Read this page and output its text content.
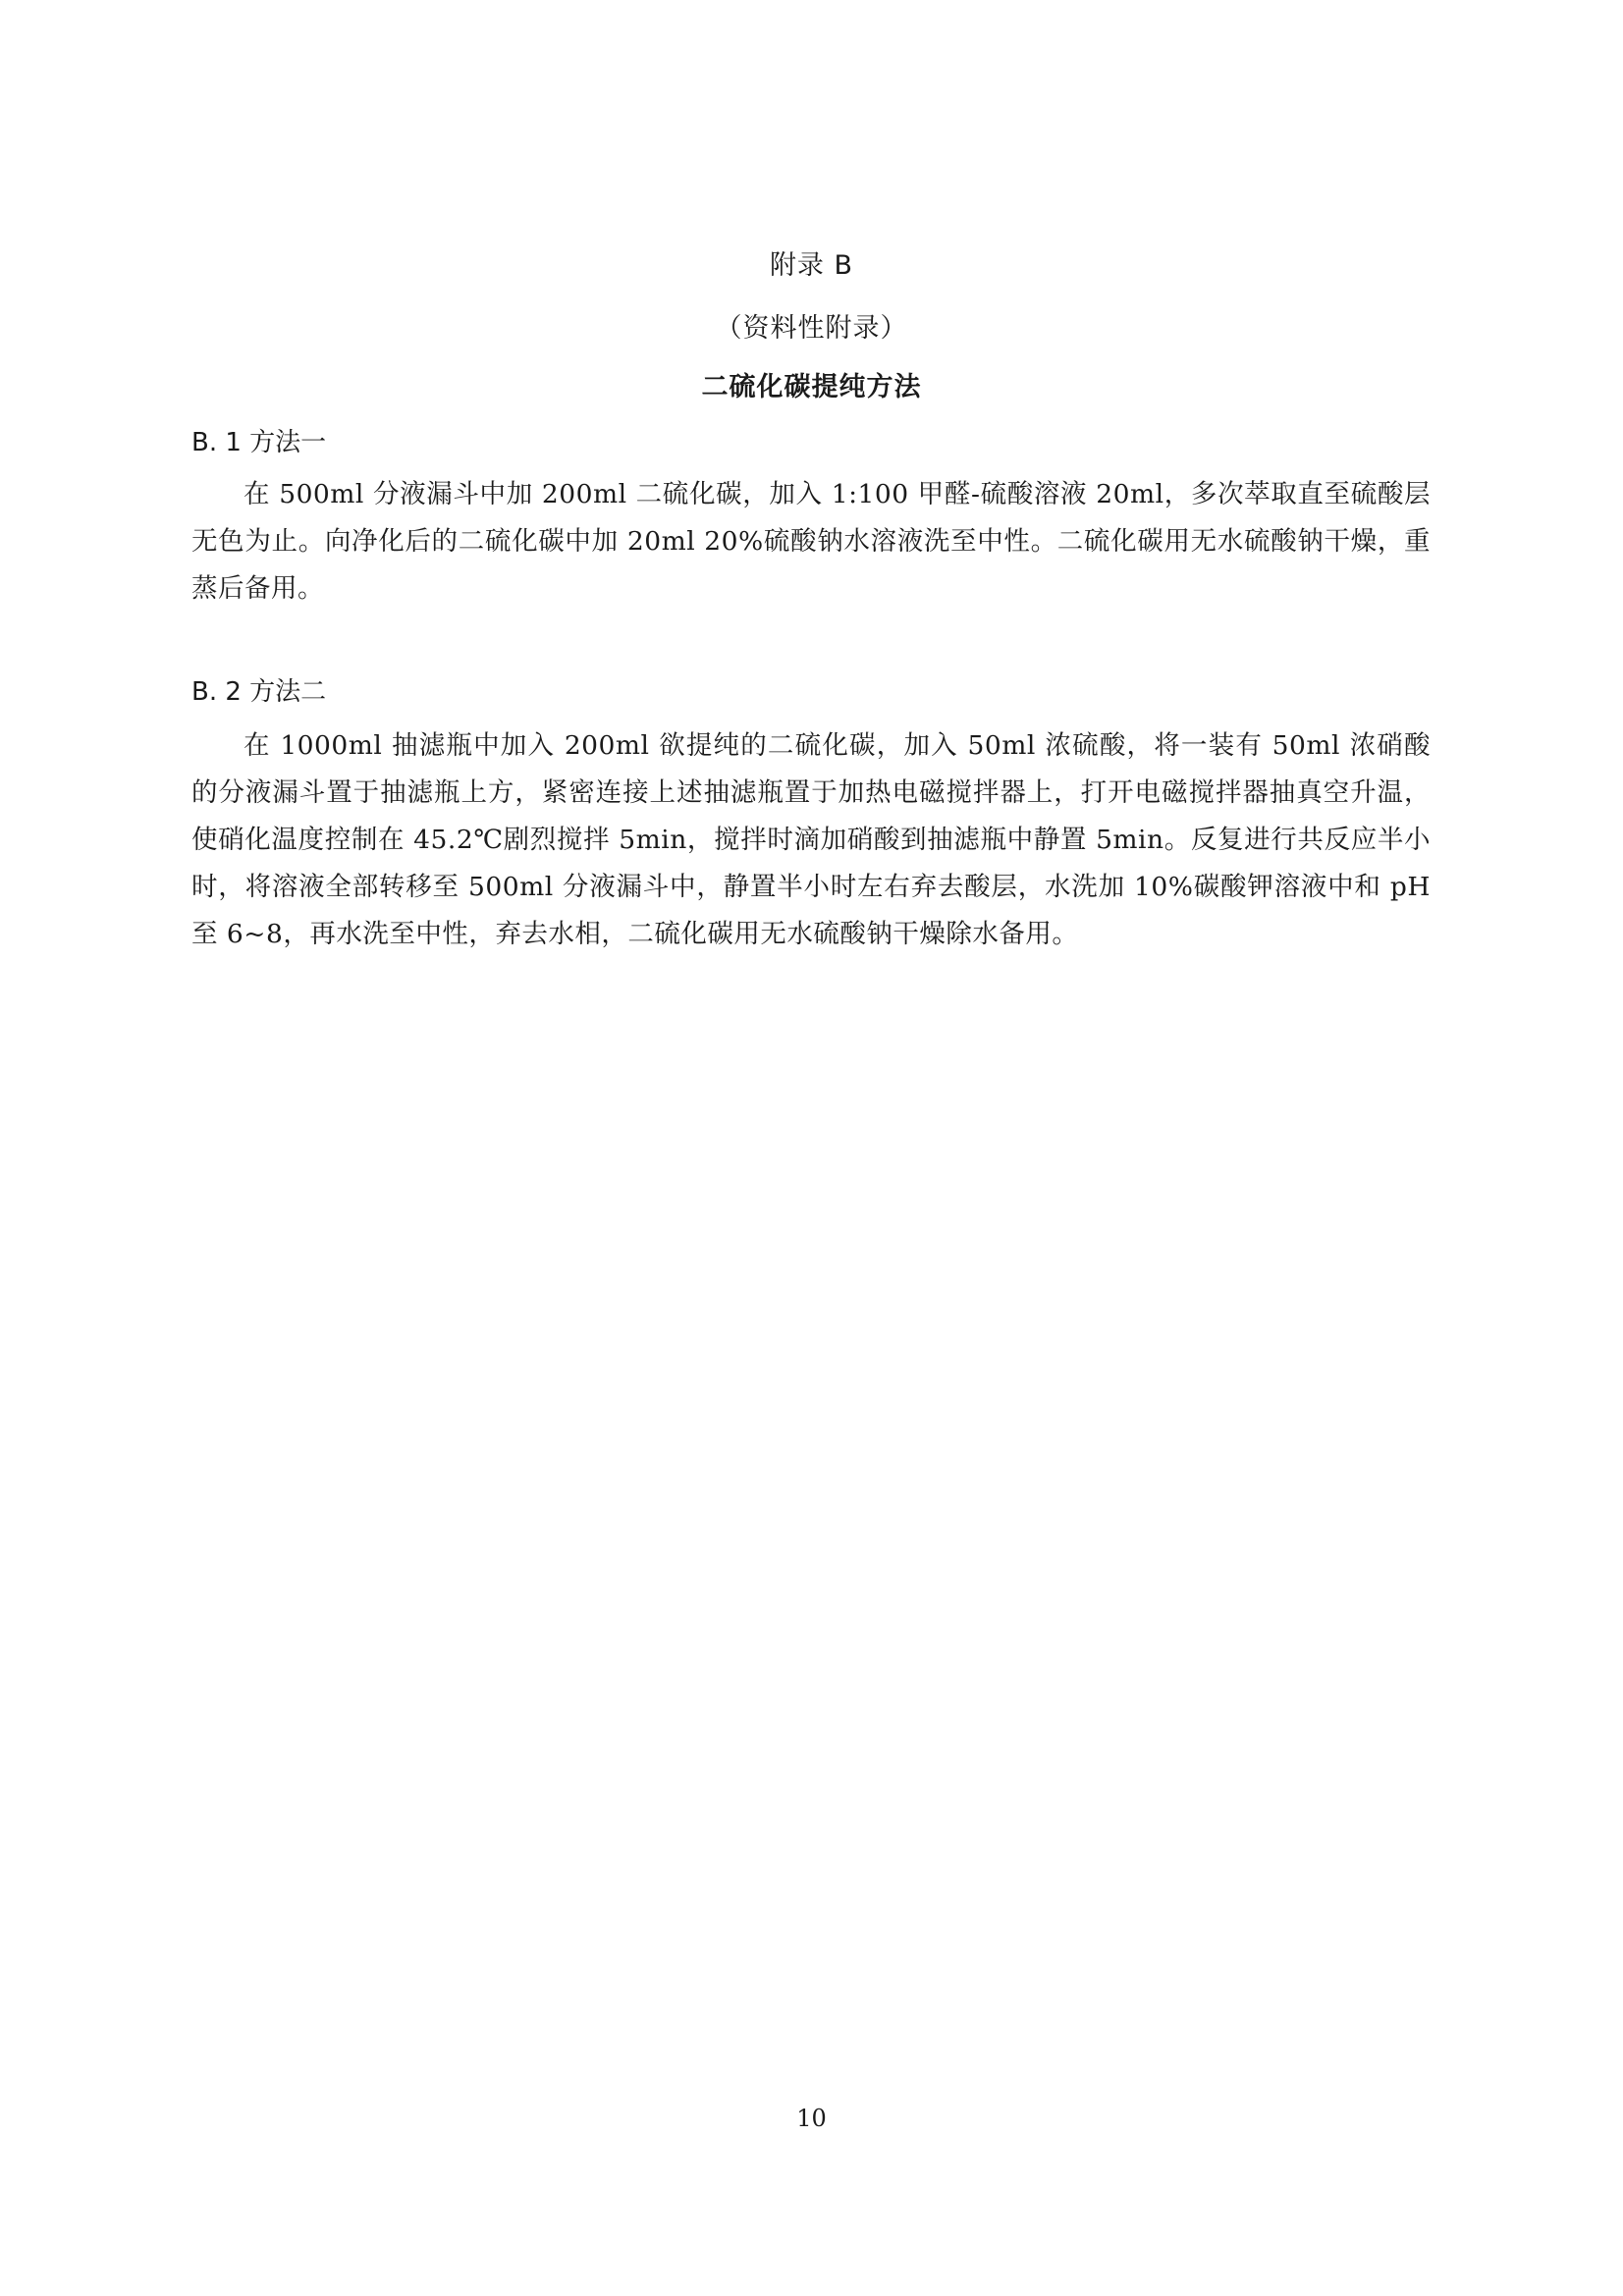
附录 B
（资料性附录）
二硫化碳提纯方法
B. 1 方法一

在 500ml 分液漏斗中加 200ml 二硫化碳，加入 1:100 甲醛-硫酸溶液 20ml，多次萃取直至硫酸层无色为止。向净化后的二硫化碳中加 20ml 20%硫酸钠水溶液洗至中性。二硫化碳用无水硫酸钠干燥，重蒸后备用。

B. 2 方法二

在 1000ml 抽滤瓶中加入 200ml 欲提纯的二硫化碳，加入 50ml 浓硫酸，将一装有 50ml 浓硝酸的分液漏斗置于抽滤瓶上方，紧密连接上述抽滤瓶置于加热电磁搅拌器上，打开电磁搅拌器抽真空升温，使硝化温度控制在 45.2℃剧烈搅拌 5min，搅拌时滴加硝酸到抽滤瓶中静置 5min。反复进行共反应半小时，将溶液全部转移至 500ml 分液漏斗中，静置半小时左右弃去酸层，水洗加 10%碳酸钾溶液中和 pH 至 6~8，再水洗至中性，弃去水相，二硫化碳用无水硫酸钠干燥除水备用。

10
